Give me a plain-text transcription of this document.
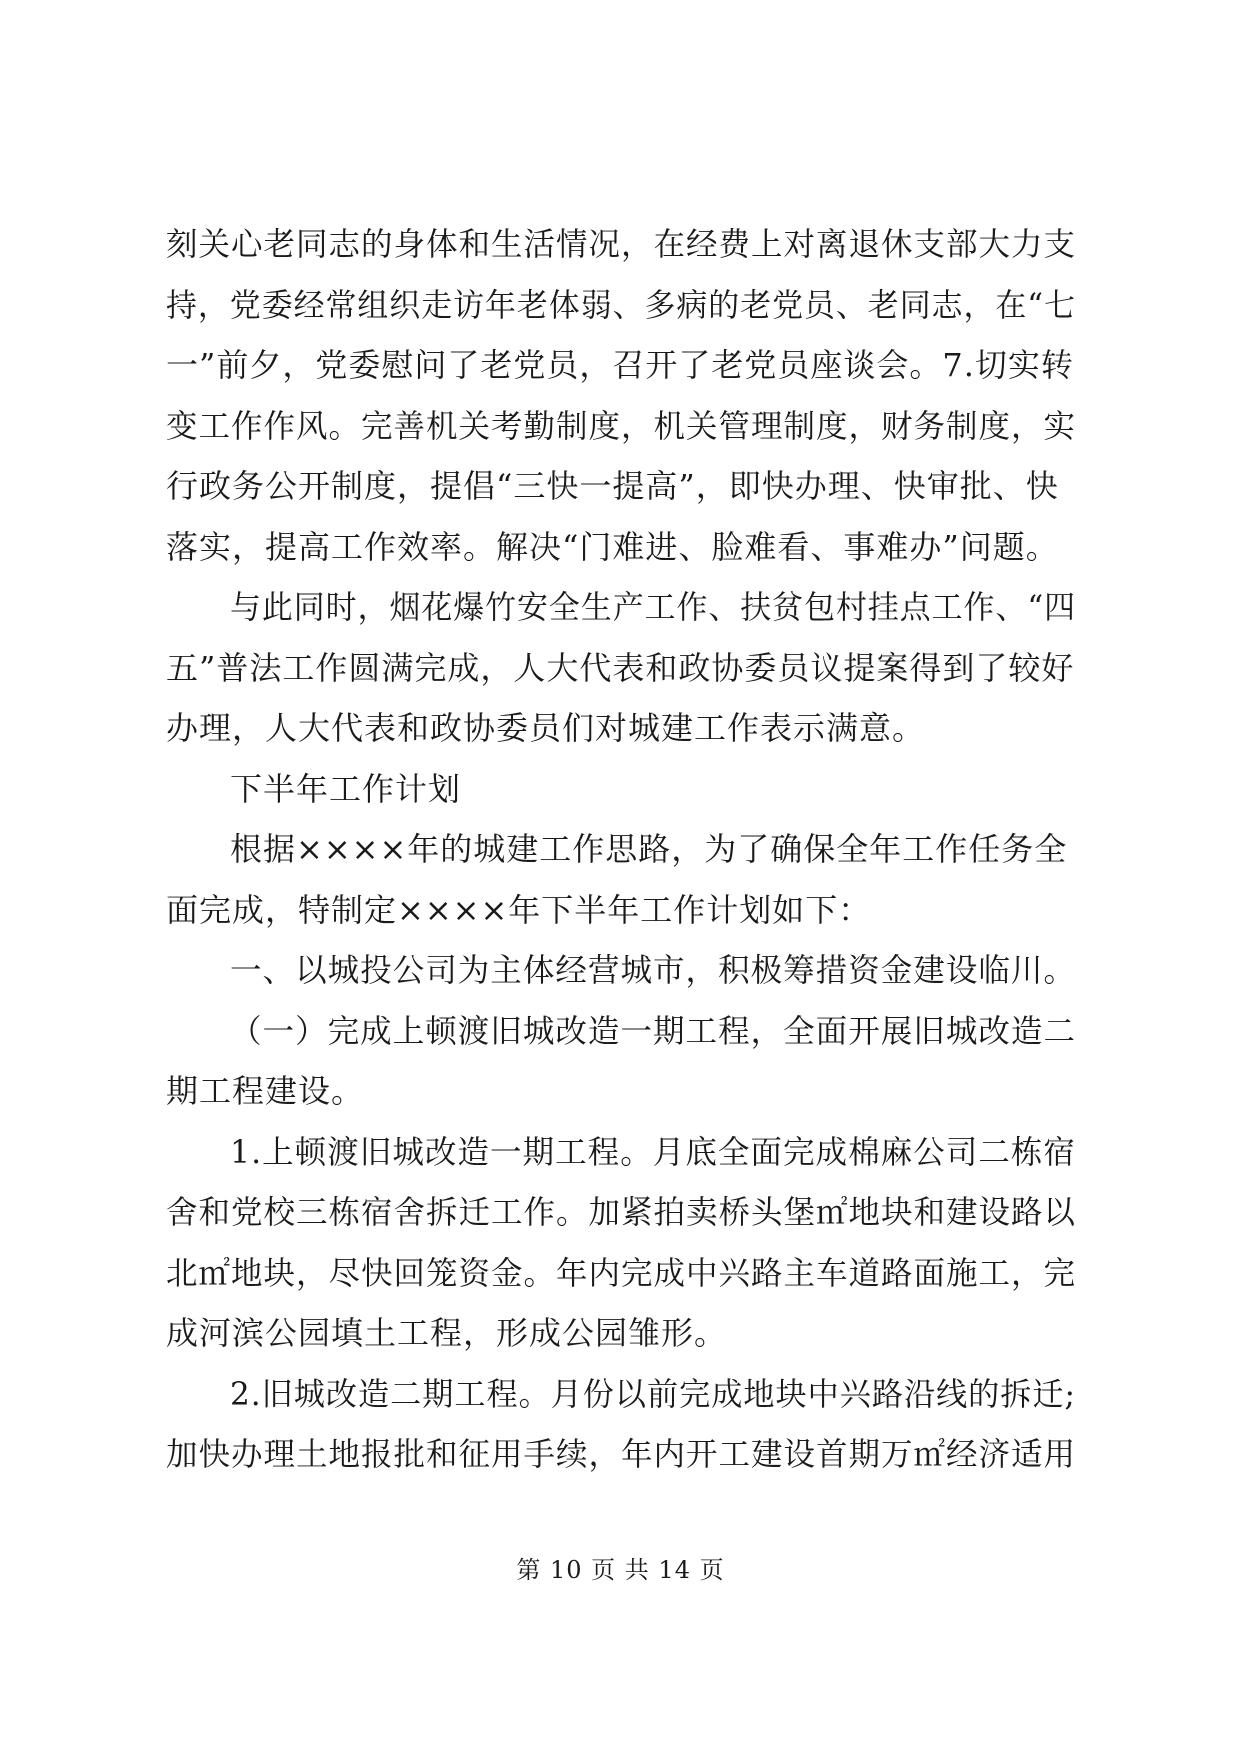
刻关心老同志的身体和生活情况，在经费上对离退休支部大力支
持，党委经常组织走访年老体弱、多病的老党员、老同志，在“七
一”前夕，党委慰问了老党员，召开了老党员座谈会。7.切实转
变工作作风。完善机关考勤制度，机关管理制度，财务制度，实
行政务公开制度，提倡“三快一提高”，即快办理、快审批、快
落实，提高工作效率。解决“门难进、脸难看、事难办”问题。
与此同时，烟花爆竹安全生产工作、扶贫包村挂点工作、“四
五”普法工作圆满完成，人大代表和政协委员议提案得到了较好
办理，人大代表和政协委员们对城建工作表示满意。
下半年工作计划
根据××××年的城建工作思路，为了确保全年工作任务全
面完成，特制定××××年下半年工作计划如下：
一、以城投公司为主体经营城市，积极筹措资金建设临川。
（一）完成上顿渡旧城改造一期工程，全面开展旧城改造二
期工程建设。
1.上顿渡旧城改造一期工程。月底全面完成棉麻公司二栋宿
舍和党校三栋宿舍拆迁工作。加紧拍卖桥头堡㎡地块和建设路以
北㎡地块，尽快回笼资金。年内完成中兴路主车道路面施工，完
成河滨公园填土工程，形成公园雏形。
2.旧城改造二期工程。月份以前完成地块中兴路沿线的拆迁;
加快办理土地报批和征用手续，年内开工建设首期万㎡经济适用
第 10 页 共 14 页
